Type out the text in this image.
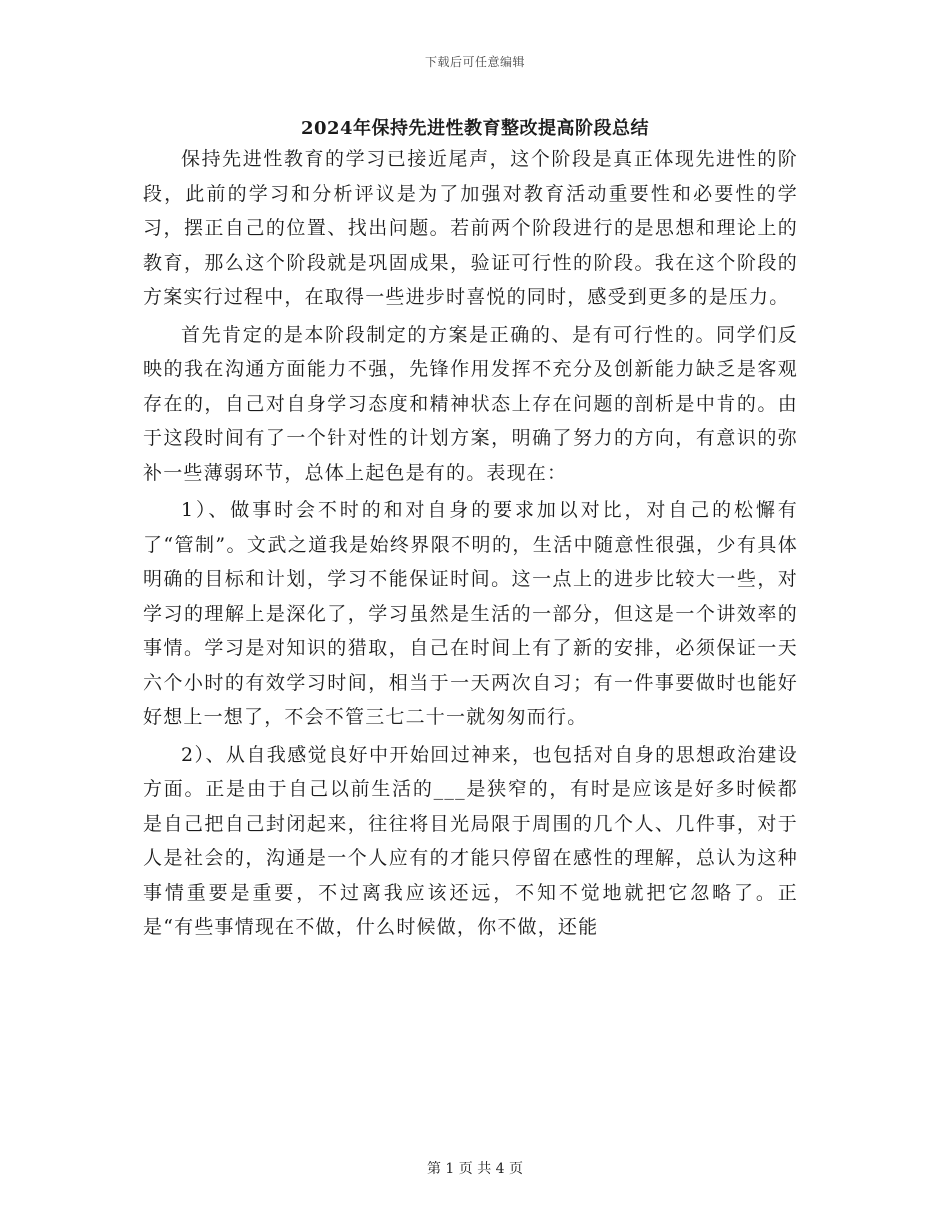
下载后可任意编辑
2024年保持先进性教育整改提高阶段总结

保持先进性教育的学习已接近尾声，这个阶段是真正体现先进性的阶段，此前的学习和分析评议是为了加强对教育活动重要性和必要性的学习，摆正自己的位置、找出问题。若前两个阶段进行的是思想和理论上的教育，那么这个阶段就是巩固成果，验证可行性的阶段。我在这个阶段的方案实行过程中，在取得一些进步时喜悦的同时，感受到更多的是压力。

首先肯定的是本阶段制定的方案是正确的、是有可行性的。同学们反映的我在沟通方面能力不强，先锋作用发挥不充分及创新能力缺乏是客观存在的，自己对自身学习态度和精神状态上存在问题的剖析是中肯的。由于这段时间有了一个针对性的计划方案，明确了努力的方向，有意识的弥补一些薄弱环节，总体上起色是有的。表现在：

1）、做事时会不时的和对自身的要求加以对比，对自己的松懈有了“管制”。文武之道我是始终界限不明的，生活中随意性很强，少有具体明确的目标和计划，学习不能保证时间。这一点上的进步比较大一些，对学习的理解上是深化了，学习虽然是生活的一部分，但这是一个讲效率的事情。学习是对知识的猎取，自己在时间上有了新的安排，必须保证一天六个小时的有效学习时间，相当于一天两次自习；有一件事要做时也能好好想上一想了，不会不管三七二十一就匆匆而行。

2）、从自我感觉良好中开始回过神来，也包括对自身的思想政治建设方面。正是由于自己以前生活的___是狭窄的，有时是应该是好多时候都是自己把自己封闭起来，往往将目光局限于周围的几个人、几件事，对于人是社会的，沟通是一个人应有的才能只停留在感性的理解，总认为这种事情重要是重要，不过离我应该还远，不知不觉地就把它忽略了。正是“有些事情现在不做，什么时候做，你不做，还能

第 1 页 共 4 页
